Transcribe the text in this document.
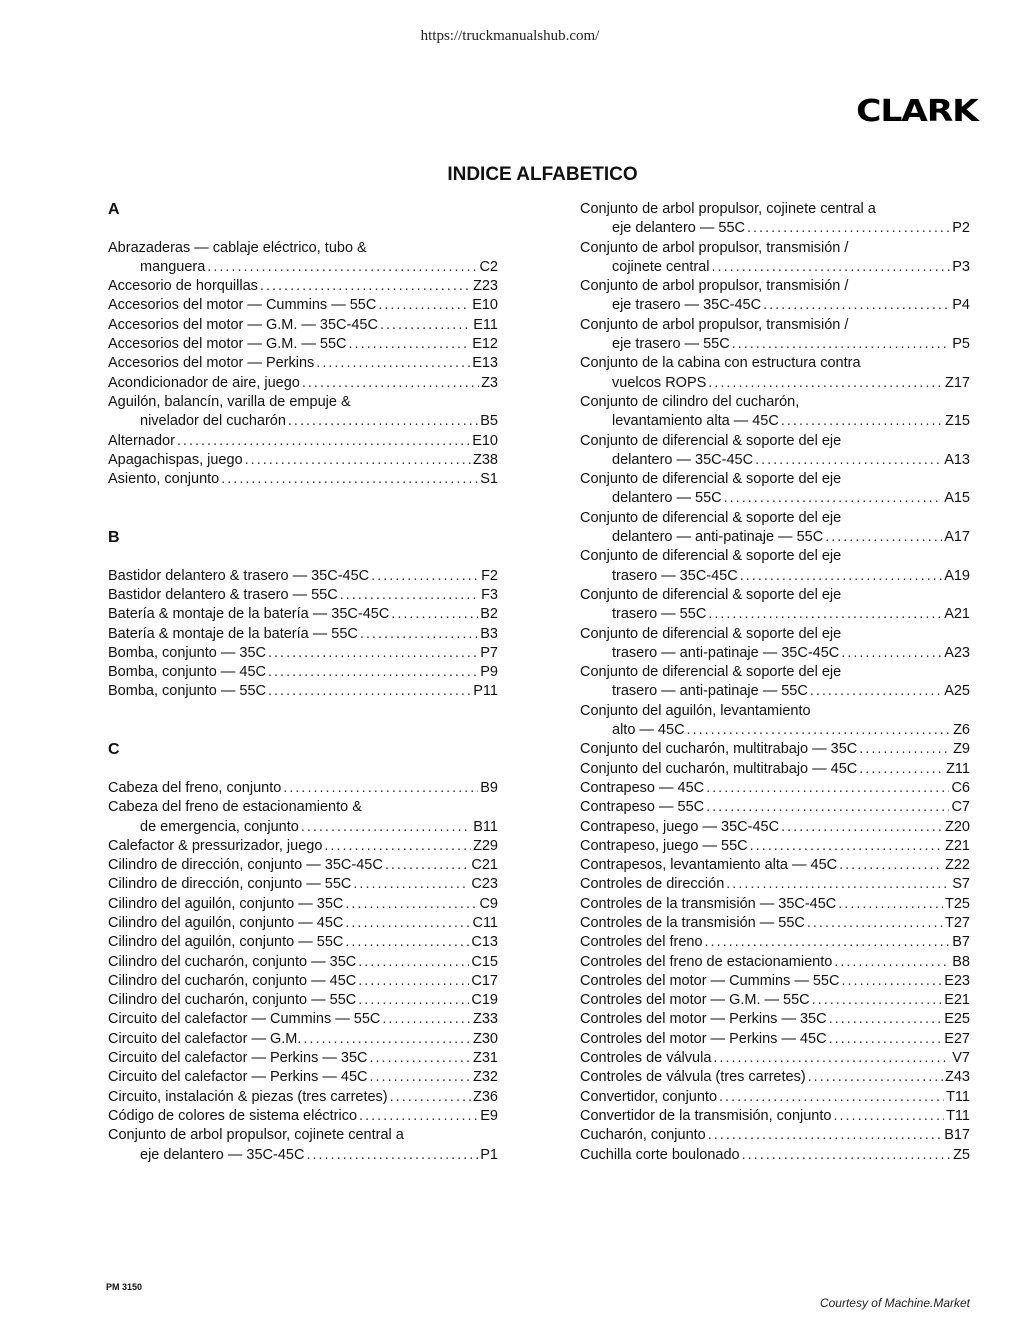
https://truckmanualshub.com/
CLARK
INDICE ALFABETICO
A
Abrazaderas — cablaje eléctrico, tubo &
manguera .....	C2
Accesorio de horquillas .....	Z23
Accesorios del motor — Cummins — 55C .....	E10
Accesorios del motor — G.M. — 35C-45C .....	E11
Accesorios del motor — G.M. — 55C .....	E12
Accesorios del motor — Perkins .....	E13
Acondicionador de aire, juego .....	Z3
Aguilón, balancín, varilla de empuje &
nivelador del cucharón .....	B5
Alternador .....	E10
Apagachispas, juego .....	Z38
Asiento, conjunto .....	S1
B
Bastidor delantero & trasero — 35C-45C .....	F2
Bastidor delantero & trasero — 55C .....	F3
Batería & montaje de la batería — 35C-45C .....	B2
Batería & montaje de la batería — 55C .....	B3
Bomba, conjunto — 35C .....	P7
Bomba, conjunto — 45C .....	P9
Bomba, conjunto — 55C .....	P11
C
Cabeza del freno, conjunto .....	B9
Cabeza del freno de estacionamiento &
de emergencia, conjunto .....	B11
Calefactor & pressurizador, juego .....	Z29
Cilindro de dirección, conjunto — 35C-45C .....	C21
Cilindro de dirección, conjunto — 55C .....	C23
Cilindro del aguilón, conjunto — 35C .....	C9
Cilindro del aguilón, conjunto — 45C .....	C11
Cilindro del aguilón, conjunto — 55C .....	C13
Cilindro del cucharón, conjunto — 35C .....	C15
Cilindro del cucharón, conjunto — 45C .....	C17
Cilindro del cucharón, conjunto — 55C .....	C19
Circuito del calefactor — Cummins — 55C .....	Z33
Circuito del calefactor — G.M. .....	Z30
Circuito del calefactor — Perkins — 35C .....	Z31
Circuito del calefactor — Perkins — 45C .....	Z32
Circuito, instalación & piezas (tres carretes) .....	Z36
Código de colores de sistema eléctrico .....	E9
Conjunto de arbol propulsor, cojinete central a
eje delantero — 35C-45C .....	P1
Conjunto de arbol propulsor, cojinete central a
eje delantero — 55C .....	P2
Conjunto de arbol propulsor, transmisión /
cojinete central .....	P3
Conjunto de arbol propulsor, transmisión /
eje trasero — 35C-45C .....	P4
Conjunto de arbol propulsor, transmisión /
eje trasero — 55C .....	P5
Conjunto de la cabina con estructura contra
vuelcos ROPS .....	Z17
Conjunto de cilindro del cucharón,
levantamiento alta — 45C .....	Z15
Conjunto de diferencial & soporte del eje
delantero — 35C-45C .....	A13
Conjunto de diferencial & soporte del eje
delantero — 55C .....	A15
Conjunto de diferencial & soporte del eje
delantero — anti-patinaje — 55C .....	A17
Conjunto de diferencial & soporte del eje
trasero — 35C-45C .....	A19
Conjunto de diferencial & soporte del eje
trasero — 55C .....	A21
Conjunto de diferencial & soporte del eje
trasero — anti-patinaje — 35C-45C .....	A23
Conjunto de diferencial & soporte del eje
trasero — anti-patinaje — 55C .....	A25
Conjunto del aguilón, levantamiento
alto — 45C .....	Z6
Conjunto del cucharón, multitrabajo — 35C .....	Z9
Conjunto del cucharón, multitrabajo — 45C .....	Z11
Contrapeso — 45C .....	C6
Contrapeso — 55C .....	C7
Contrapeso, juego — 35C-45C .....	Z20
Contrapeso, juego — 55C .....	Z21
Contrapesos, levantamiento alta — 45C .....	Z22
Controles de dirección .....	S7
Controles de la transmisión — 35C-45C .....	T25
Controles de la transmisión — 55C .....	T27
Controles del freno .....	B7
Controles del freno de estacionamiento .....	B8
Controles del motor — Cummins — 55C .....	E23
Controles del motor — G.M. — 55C .....	E21
Controles del motor — Perkins — 35C .....	E25
Controles del motor — Perkins — 45C .....	E27
Controles de válvula .....	V7
Controles de válvula (tres carretes) .....	Z43
Convertidor, conjunto .....	T11
Convertidor de la transmisión, conjunto .....	T11
Cucharón, conjunto .....	B17
Cuchilla corte boulonado .....	Z5
PM 3150
Courtesy of Machine.Market
